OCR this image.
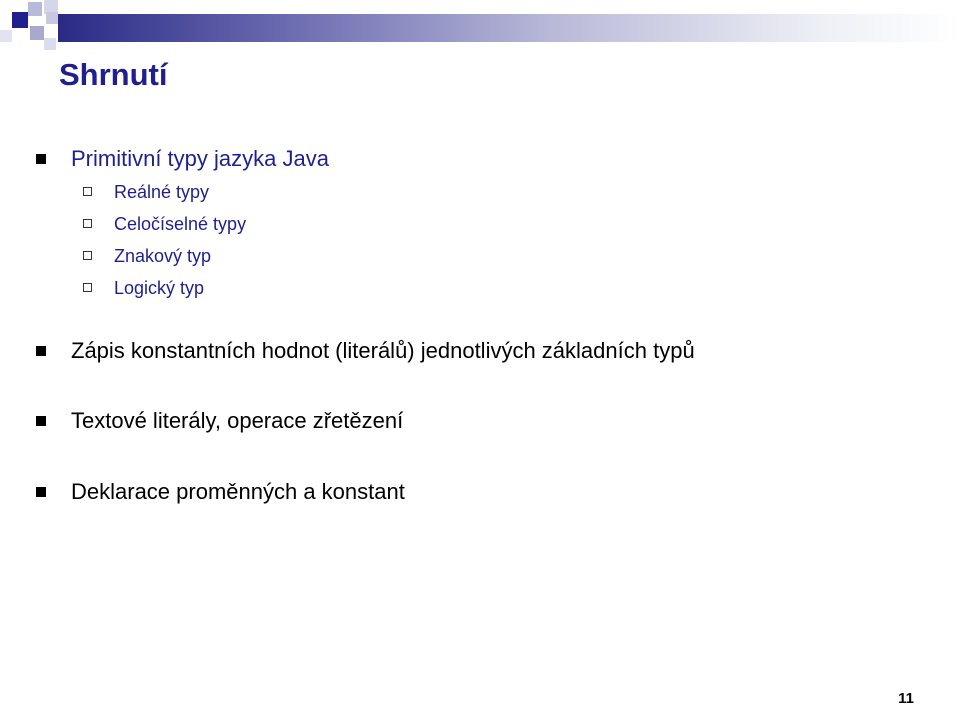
Shrnutí
Primitivní typy jazyka Java
Reálné typy
Celočíselné typy
Znakový typ
Logický typ
Zápis konstantních hodnot (literálů) jednotlivých základních typů
Textové literály, operace zřetězení
Deklarace proměnných a konstant
11
